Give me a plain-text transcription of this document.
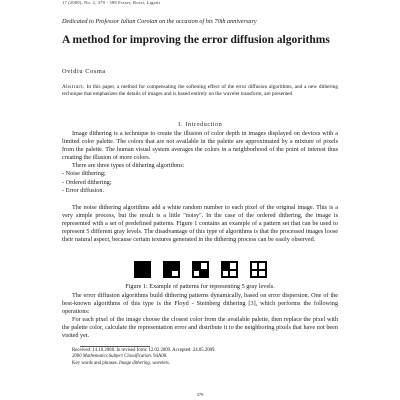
17 (2009), No. 2, 379 - 388 Fraser, Rossi, Ligatti
Dedicated to Professor Iulian Coroian on the occasion of his 70th anniversary
A method for improving the error diffusion algorithms
Ovidiu Cosma
Abstract. In this paper, a method for compensating the softening effect of the error diffusion algorithms, and a new dithering technique that emphasizes the details of images and is based entirely on the wavelet transform, are presented
1. Introduction

Image dithering is a technique to create the illusion of color depth in images displayed on devices with a limited color palette. The colors that are not available in the palette are approximated by a mixture of pixels from the palette. The human visual system averages the colors in a neighborhood of the point of interest thus creating the illusion of more colors.

There are three types of dithering algorithms:

- Noise dithering;

- Ordered dithering;

- Error diffusion.

The noise dithering algorithms add a white random number to each pixel of the original image. This is a very simple process, but the result is a little "noisy". In the case of the ordered dithering, the image is represented with a set of predefined patterns. Figure 1 contains an example of a pattern set that can be used to represent 5 different gray levels. The disadvantage of this type of algorithms is that the processed images loose their natural aspect, because certain textures generated in the dithering process can be easily observed.

Figure 1: Example of patterns for representing 5 gray levels.

The error diffusion algorithms build dithering patterns dynamically, based on error dispersion. One of the best-known algorithms of this type is the Floyd - Steinberg dithering [3], which performs the following operations:

For each pixel of the image choose the closest color from the available palette, then replace the pixel with the palette color, calculate the representation error and distribute it to the neighboring pixels that have not been visited yet.

Received: 14.10.2008. In revised form: 12.02.2009. Accepted: 24.05.2009.

2000 Mathematics Subject Classification. 94A08.

Key words and phrases. Image dithering, wavelets.

379
